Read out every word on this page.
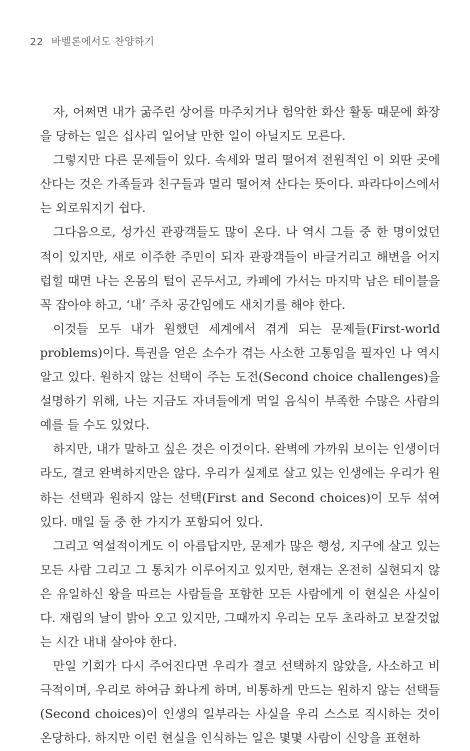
22 바벨론에서도 찬양하기

자, 어쩌면 내가 굶주린 상어를 마주치거나 험악한 화산 활동 때문에 화장을 당하는 일은 십사리 일어날 만한 일이 아닐지도 모른다.

그렇지만 다른 문제들이 있다. 속세와 멀리 떨어져 전원적인 이 외딴 곳에 산다는 것은 가족들과 친구들과 멀리 떨어져 산다는 뜻이다. 파라다이스에서는 외로워지기 쉽다.

그다음으로, 성가신 관광객들도 많이 온다. 나 역시 그들 중 한 명이었던 적이 있지만, 새로 이주한 주민이 되자 관광객들이 바글거리고 해변을 어지럽힐 때면 나는 온몸의 털이 곤두서고, 카페에 가서는 마지막 남은 테이블을 꼭 잡아야 하고, ‘내’ 주차 공간임에도 새치기를 해야 한다.

이것들 모두 내가 원했던 세계에서 겪게 되는 문제들(First-world problems)이다. 특권을 얻은 소수가 겪는 사소한 고통임을 필자인 나 역시 알고 있다. 원하지 않는 선택이 주는 도전(Second choice challenges)을 설명하기 위해, 나는 지금도 자녀들에게 먹일 음식이 부족한 수많은 사람의 예를 들 수도 있었다.

하지만, 내가 말하고 싶은 것은 이것이다. 완벽에 가까워 보이는 인생이더라도, 결코 완벽하지만은 않다. 우리가 실제로 살고 있는 인생에는 우리가 원하는 선택과 원하지 않는 선택(First and Second choices)이 모두 섞여 있다. 매일 둘 중 한 가지가 포함되어 있다.

그리고 역설적이게도 이 아름답지만, 문제가 많은 행성, 지구에 살고 있는 모든 사람 그리고 그 통치가 이루어지고 있지만, 현재는 온전히 실현되지 않은 유일하신 왕을 따르는 사람들을 포함한 모든 사람에게 이 현실은 사실이다. 재림의 날이 밝아 오고 있지만, 그때까지 우리는 모두 초라하고 보잘것없는 시간 내내 살아야 한다.

만일 기회가 다시 주어진다면 우리가 결코 선택하지 않았을, 사소하고 비극적이며, 우리로 하여금 화나게 하며, 비통하게 만드는 원하지 않는 선택들(Second choices)이 인생의 일부라는 사실을 우리 스스로 직시하는 것이 온당하다. 하지만 이런 현실을 인식하는 일은 몇몇 사람이 신앙을 표현하
